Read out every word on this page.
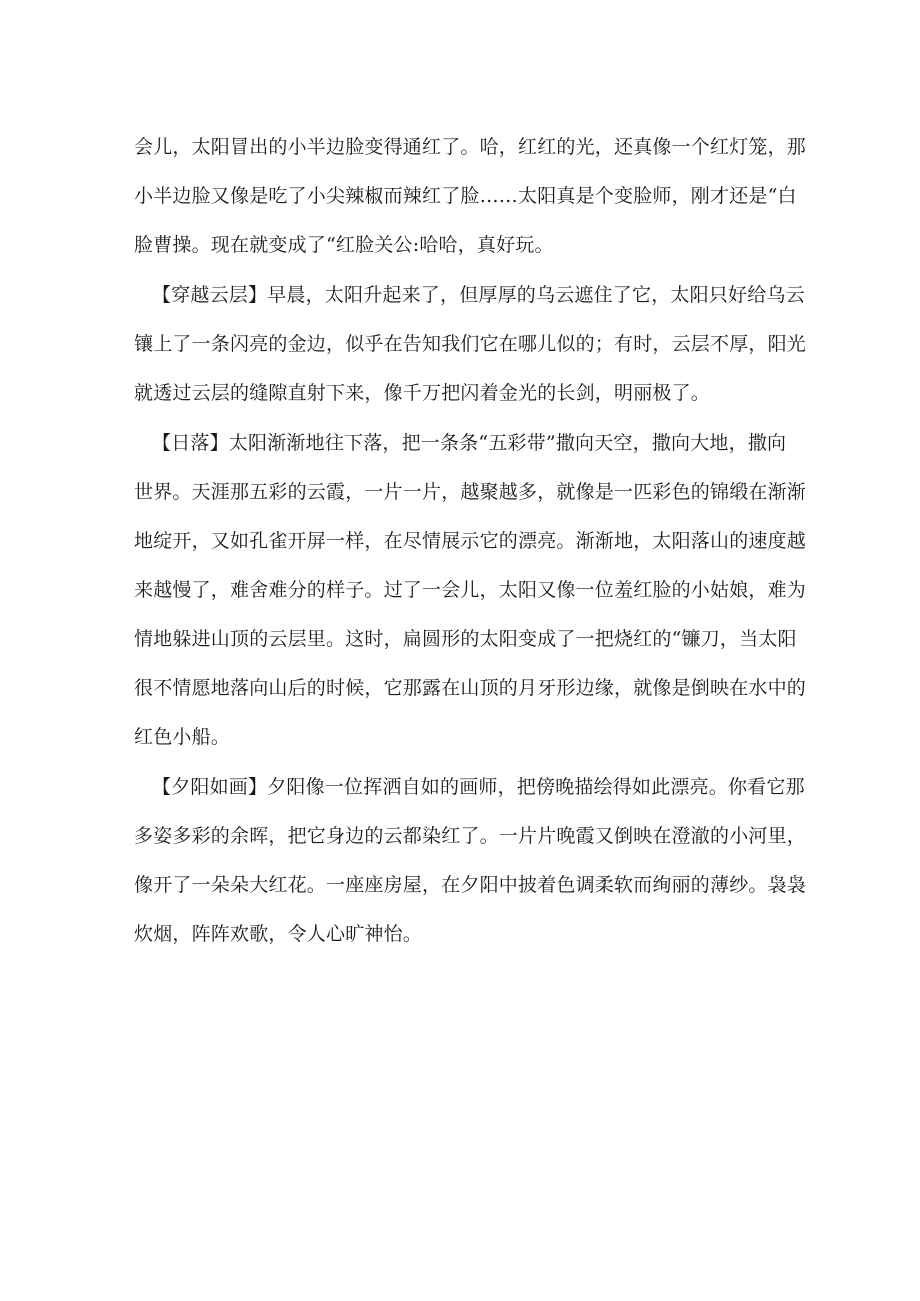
会儿，太阳冒出的小半边脸变得通红了。哈，红红的光，还真像一个红灯笼，那

小半边脸又像是吃了小尖辣椒而辣红了脸……太阳真是个变脸师，刚才还是“白

脸曹操。现在就变成了“红脸关公:哈哈，真好玩。

【穿越云层】早晨，太阳升起来了，但厚厚的乌云遮住了它，太阳只好给乌云

镶上了一条闪亮的金边，似乎在告知我们它在哪儿似的；有时，云层不厚，阳光

就透过云层的缝隙直射下来，像千万把闪着金光的长剑，明丽极了。

【日落】太阳渐渐地往下落，把一条条“五彩带”撒向天空，撒向大地，撒向

世界。天涯那五彩的云霞，一片一片，越聚越多，就像是一匹彩色的锦缎在渐渐

地绽开，又如孔雀开屏一样，在尽情展示它的漂亮。渐渐地，太阳落山的速度越

来越慢了，难舍难分的样子。过了一会儿，太阳又像一位羞红脸的小姑娘，难为

情地躲进山顶的云层里。这时，扁圆形的太阳变成了一把烧红的“镰刀，当太阳

很不情愿地落向山后的时候，它那露在山顶的月牙形边缘，就像是倒映在水中的

红色小船。

【夕阳如画】夕阳像一位挥洒自如的画师，把傍晚描绘得如此漂亮。你看它那

多姿多彩的余晖，把它身边的云都染红了。一片片晚霞又倒映在澄澈的小河里，

像开了一朵朵大红花。一座座房屋，在夕阳中披着色调柔软而绚丽的薄纱。袅袅

炊烟，阵阵欢歌，令人心旷神怡。
